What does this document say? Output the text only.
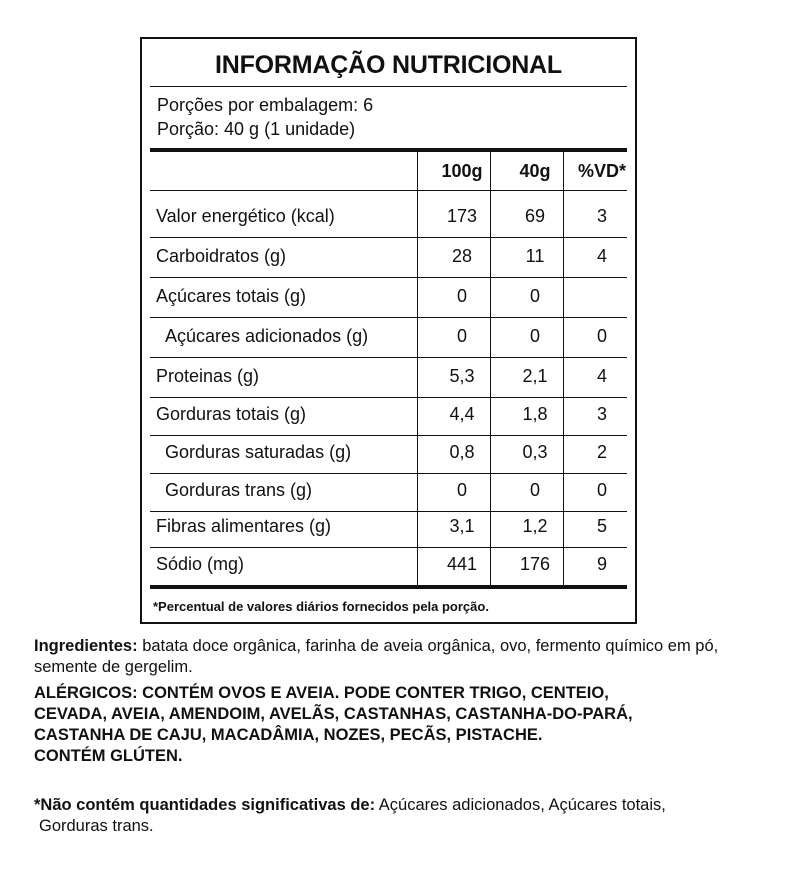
INFORMAÇÃO NUTRICIONAL
Porções por embalagem: 6
Porção: 40 g (1 unidade)
100g	40g	%VD*
Valor energético (kcal)	173	69	3
Carboidratos (g)	28	11	4
Açúcares totais (g)	0	0
Açúcares adicionados (g)	0	0	0
Proteinas (g)	5,3	2,1	4
Gorduras totais (g)	4,4	1,8	3
Gorduras saturadas (g)	0,8	0,3	2
Gorduras trans (g)	0	0	0
Fibras alimentares (g)	3,1	1,2	5
Sódio (mg)	441	176	9
*Percentual de valores diários fornecidos pela porção.
Ingredientes: batata doce orgânica, farinha de aveia orgânica, ovo, fermento químico em pó, semente de gergelim.
ALÉRGICOS: CONTÉM OVOS E AVEIA. PODE CONTER TRIGO, CENTEIO,
CEVADA, AVEIA, AMENDOIM, AVELÃS, CASTANHAS, CASTANHA-DO-PARÁ,
CASTANHA DE CAJU, MACADÂMIA, NOZES, PECÃS, PISTACHE.
CONTÉM GLÚTEN.
*Não contém quantidades significativas de: Açúcares adicionados, Açúcares totais,
Gorduras trans.
